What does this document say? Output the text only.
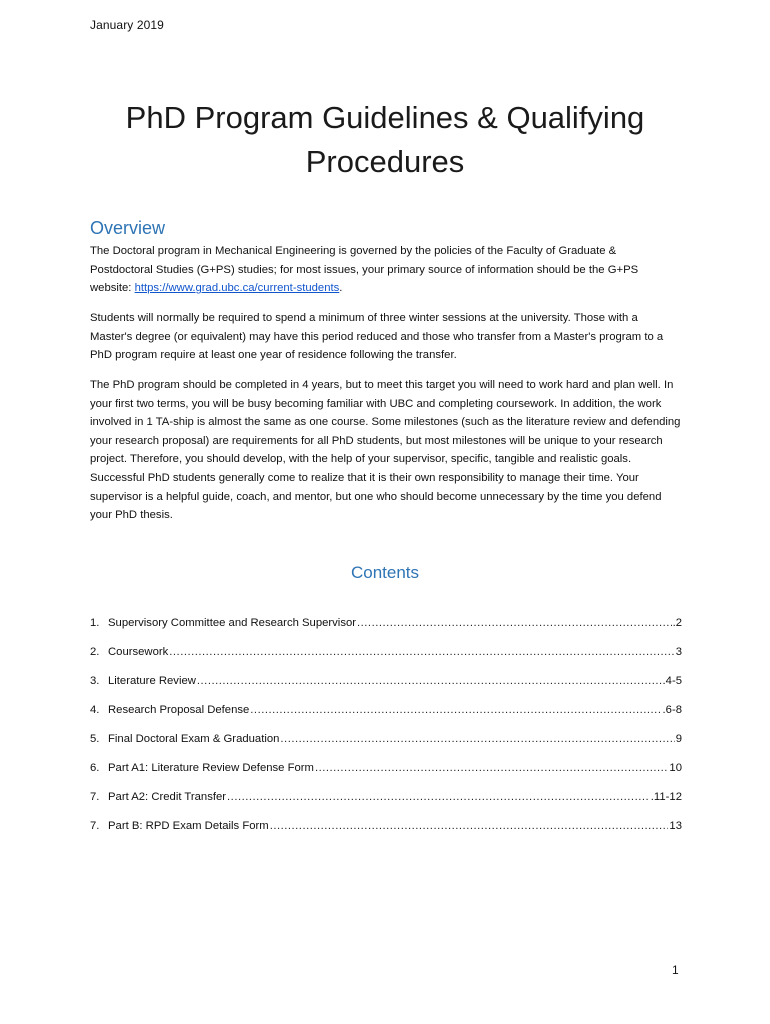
January 2019
PhD Program Guidelines & Qualifying
Procedures
Overview

The Doctoral program in Mechanical Engineering is governed by the policies of the Faculty of Graduate & Postdoctoral Studies (G+PS) studies; for most issues, your primary source of information should be the G+PS website: https://www.grad.ubc.ca/current-students.

Students will normally be required to spend a minimum of three winter sessions at the university. Those with a Master's degree (or equivalent) may have this period reduced and those who transfer from a Master's program to a PhD program require at least one year of residence following the transfer.

The PhD program should be completed in 4 years, but to meet this target you will need to work hard and plan well. In your first two terms, you will be busy becoming familiar with UBC and completing coursework. In addition, the work involved in 1 TA-ship is almost the same as one course. Some milestones (such as the literature review and defending your research proposal) are requirements for all PhD students, but most milestones will be unique to your research project. Therefore, you should develop, with the help of your supervisor, specific, tangible and realistic goals. Successful PhD students generally come to realize that it is their own responsibility to manage their time. Your supervisor is a helpful guide, coach, and mentor, but one who should become unnecessary by the time you defend your PhD thesis.

Contents
1. Supervisory Committee and Research Supervisor .....	.2
2. Coursework .....	3
3. Literature Review .....	.4-5
4. Research Proposal Defense .....	.6-8
5. Final Doctoral Exam & Graduation .....	9
6. Part A1: Literature Review Defense Form .....	10
7. Part A2: Credit Transfer .....	.11-12
7. Part B: RPD Exam Details Form .....	13
1
